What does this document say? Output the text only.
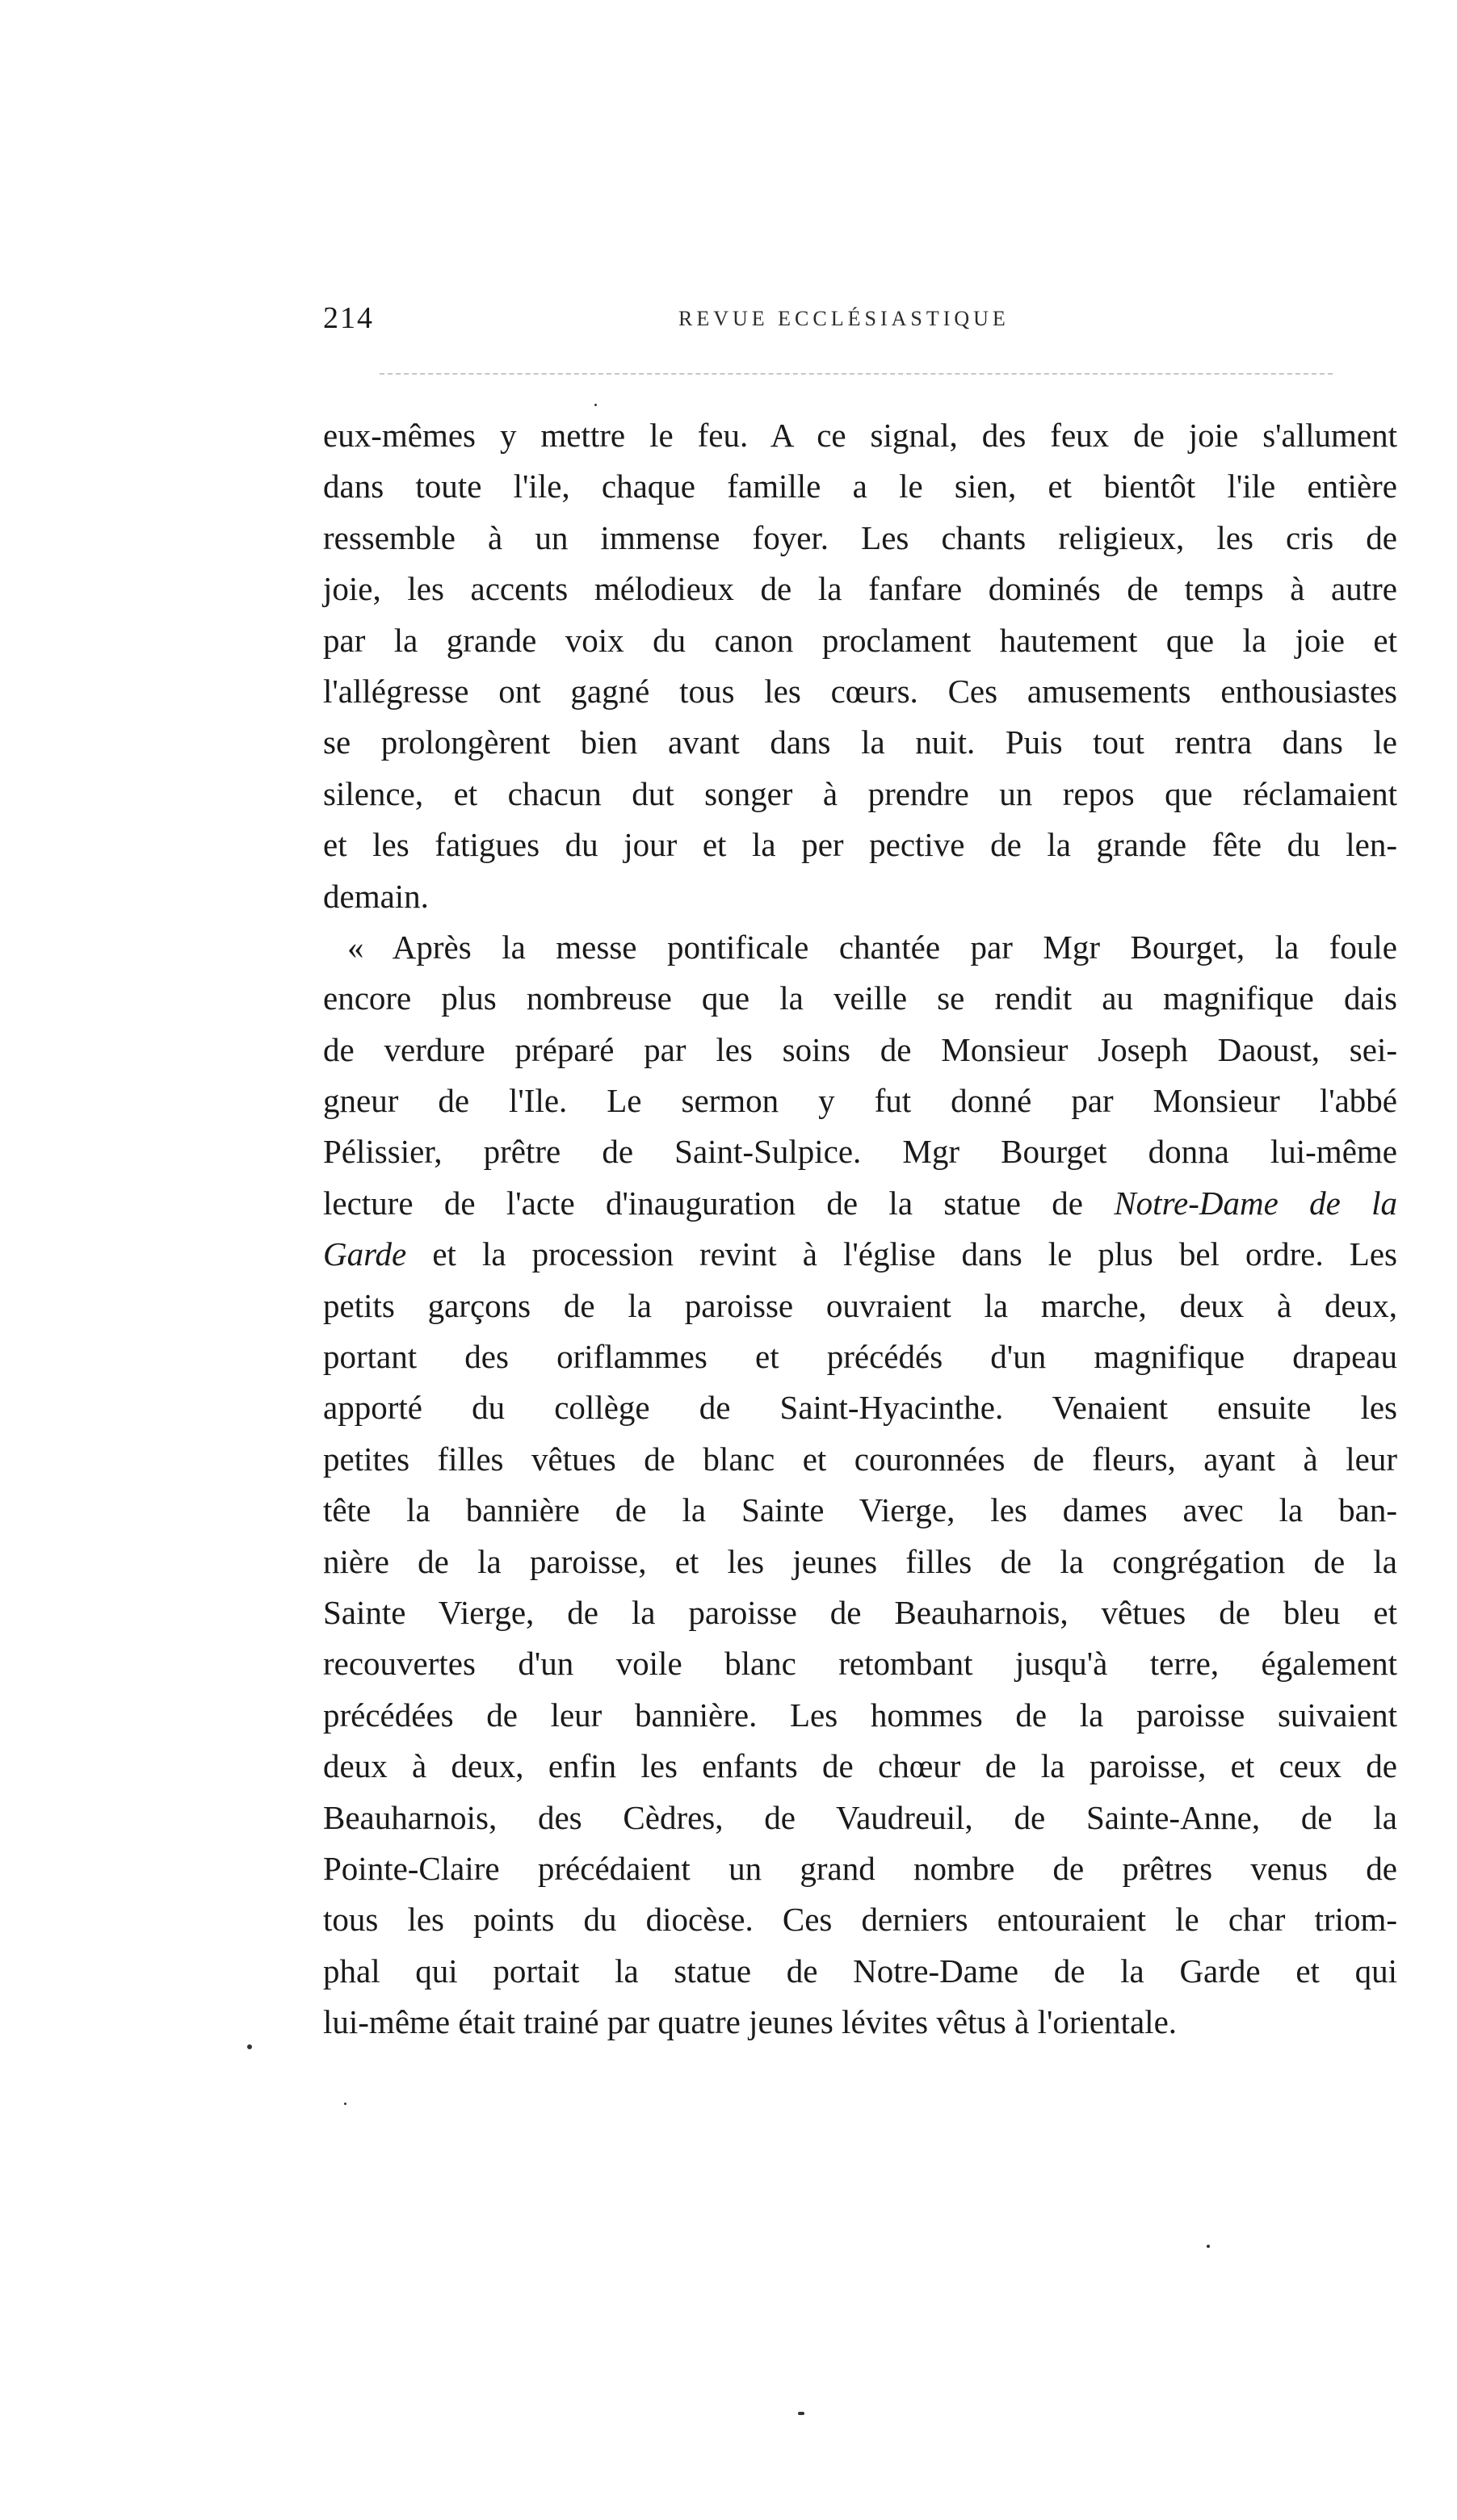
214	REVUE ECCLÉSIASTIQUE
eux-mêmes y mettre le feu. A ce signal, des feux de joie s'allument
dans toute l'ile, chaque famille a le sien, et bientôt l'ile entière
ressemble à un immense foyer. Les chants religieux, les cris de
joie, les accents mélodieux de la fanfare dominés de temps à autre
par la grande voix du canon proclament hautement que la joie et
l'allégresse ont gagné tous les cœurs. Ces amusements enthousiastes
se prolongèrent bien avant dans la nuit. Puis tout rentra dans le
silence, et chacun dut songer à prendre un repos que réclamaient
et les fatigues du jour et la per pective de la grande fête du len-
demain.
« Après la messe pontificale chantée par Mgr Bourget, la foule
encore plus nombreuse que la veille se rendit au magnifique dais
de verdure préparé par les soins de Monsieur Joseph Daoust, sei-
gneur de l'Ile. Le sermon y fut donné par Monsieur l'abbé
Pélissier, prêtre de Saint-Sulpice. Mgr Bourget donna lui-même
lecture de l'acte d'inauguration de la statue de Notre-Dame de la
Garde et la procession revint à l'église dans le plus bel ordre. Les
petits garçons de la paroisse ouvraient la marche, deux à deux,
portant des oriflammes et précédés d'un magnifique drapeau
apporté du collège de Saint-Hyacinthe. Venaient ensuite les
petites filles vêtues de blanc et couronnées de fleurs, ayant à leur
tête la bannière de la Sainte Vierge, les dames avec la ban-
nière de la paroisse, et les jeunes filles de la congrégation de la
Sainte Vierge, de la paroisse de Beauharnois, vêtues de bleu et
recouvertes d'un voile blanc retombant jusqu'à terre, également
précédées de leur bannière. Les hommes de la paroisse suivaient
deux à deux, enfin les enfants de chœur de la paroisse, et ceux de
Beauharnois, des Cèdres, de Vaudreuil, de Sainte-Anne, de la
Pointe-Claire précédaient un grand nombre de prêtres venus de
tous les points du diocèse. Ces derniers entouraient le char triom-
phal qui portait la statue de Notre-Dame de la Garde et qui
lui-même était trainé par quatre jeunes lévites vêtus à l'orientale.
